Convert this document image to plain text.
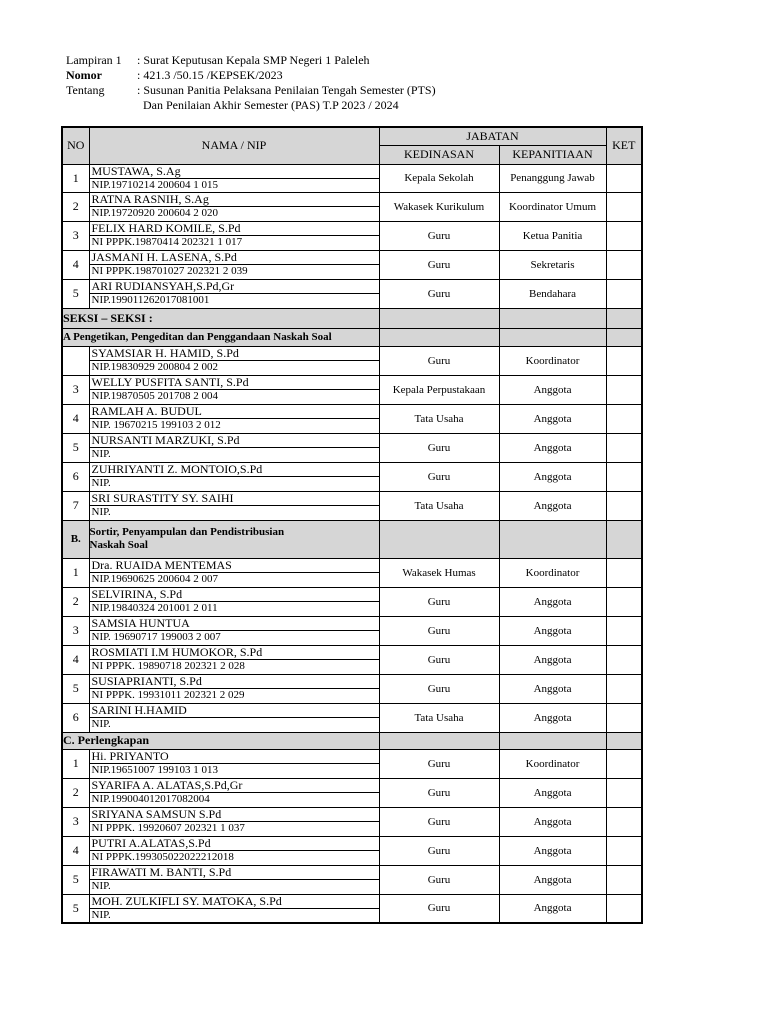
Lampiran 1	: Surat Keputusan Kepala SMP Negeri 1 Paleleh
Nomor	: 421.3 /50.15 /KEPSEK/2023
Tentang	: Susunan Panitia Pelaksana Penilaian Tengah Semester (PTS)

Dan Penilaian Akhir Semester (PAS) T.P 2023 / 2024
NO	NAMA / NIP	JABATAN		KET
		KEDINASAN	KEPANITIAAN	
1	MUSTAWA, S.Ag
NIP.19710214 200604 1 015	Kepala Sekolah	Penanggung Jawab	
2	RATNA RASNIH, S.Ag
NIP.19720920 200604 2 020	Wakasek Kurikulum	Koordinator Umum	
3	FELIX HARD KOMILE, S.Pd
NI PPPK.19870414 202321 1 017	Guru	Ketua Panitia	
4	JASMANI H. LASENA, S.Pd
NI PPPK.198701027 202321 2 039	Guru	Sekretaris	
5	ARI RUDIANSYAH,S.Pd,Gr
NIP.199011262017081001	Guru	Bendahara	
SEKSI – SEKSI :				
A Pengetikan, Pengeditan dan Penggandaan Naskah Soal				

	SYAMSIAR H. HAMID, S.Pd
NIP.19830929 200804 2 002	Guru	Koordinator	
3	WELLY PUSFITA SANTI, S.Pd
NIP.19870505 201708 2 004	Kepala Perpustakaan	Anggota	
4	RAMLAH A. BUDUL
NIP. 19670215 199103 2 012	Tata Usaha	Anggota	
5	NURSANTI MARZUKI, S.Pd
NIP.	Guru	Anggota	
6	ZUHRIYANTI Z. MONTOIO,S.Pd
NIP.	Guru	Anggota	
7	SRI SURASTITY SY. SAIHI
NIP.	Tata Usaha	Anggota	
B.	Sortir, Penyampulan dan Pendistribusian
Naskah Soal			

1	Dra. RUAIDA MENTEMAS
NIP.19690625 200604 2 007	Wakasek Humas	Koordinator	
2	SELVIRINA, S.Pd
NIP.19840324 201001 2 011	Guru	Anggota	
3	SAMSIA HUNTUA
NIP. 19690717 199003 2 007	Guru	Anggota	
4	ROSMIATI I.M HUMOKOR, S.Pd
NI PPPK. 19890718 202321 2 028	Guru	Anggota	
5	SUSIAPRIANTI, S.Pd
NI PPPK. 19931011 202321 2 029	Guru	Anggota	
6	SARINI H.HAMID
NIP.	Tata Usaha	Anggota	
C. Perlengkapan				
1	Hi. PRIYANTO
NIP.19651007 199103 1 013	Guru	Koordinator	
2	SYARIFA A. ALATAS,S.Pd,Gr
NIP.199004012017082004	Guru	Anggota	
3	SRIYANA SAMSUN S.Pd
NI PPPK. 19920607 202321 1 037	Guru	Anggota	
4	PUTRI A.ALATAS,S.Pd
NI PPPK.199305022022212018	Guru	Anggota	
5	FIRAWATI M. BANTI, S.Pd
NIP.	Guru	Anggota	
5	MOH. ZULKIFLI SY. MATOKA, S.Pd
NIP.	Guru	Anggota	
